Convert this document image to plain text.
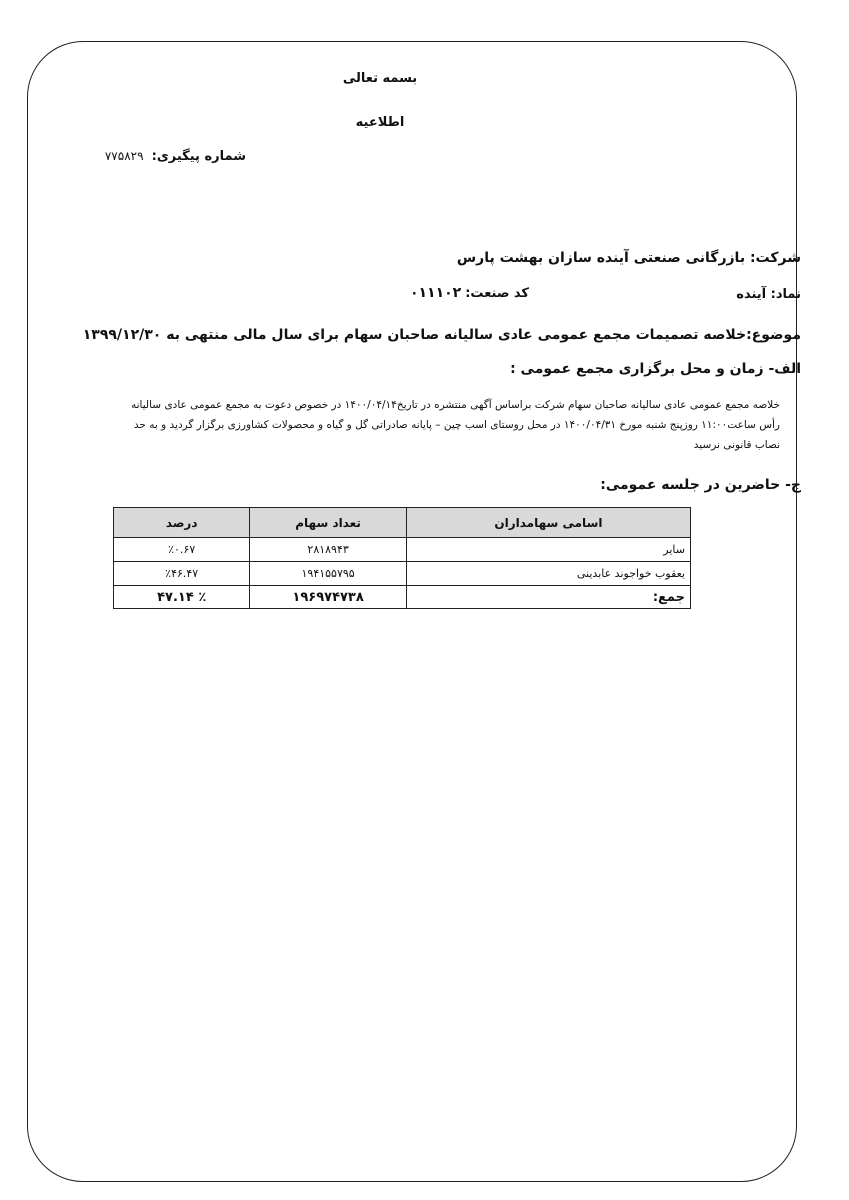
بسمه تعالی
اطلاعیه
شماره پیگیری: ۷۷۵۸۲۹
شرکت: بازرگانی صنعتی آینده سازان بهشت پارس
نماد: آینده
کد صنعت:۰۱۱۱۰۲
موضوع:خلاصه تصمیمات مجمع عمومی عادی سالیانه صاحبان سهام برای سال مالی منتهی به ۱۳۹۹/۱۲/۳۰
الف- زمان و محل برگزاری مجمع عمومی :
خلاصه مجمع عمومی عادی سالیانه صاحبان سهام شرکت براساس آگهی منتشره در تاریخ۱۴۰۰/۰۴/۱۴ در خصوص دعوت به مجمع عمومی عادی سالیانه
رأس ساعت۱۱:۰۰ روزپنج شنبه مورخ ۱۴۰۰/۰۴/۳۱ در محل روستای اسب چین – پایانه صادراتی گل و گیاه و محصولات کشاورزی برگزار گردید و به حد
نصاب قانونی نرسید
ج- حاضرین در جلسه عمومی:
اسامی سهامداران	تعداد سهام	درصد
سایر	۲۸۱۸۹۴۳	٪۰.۶۷
یعقوب خواجوند عابدینی	۱۹۴۱۵۵۷۹۵	٪۴۶.۴۷
جمع:	۱۹۶۹۷۴۷۳۸	٪ ۴۷.۱۴
